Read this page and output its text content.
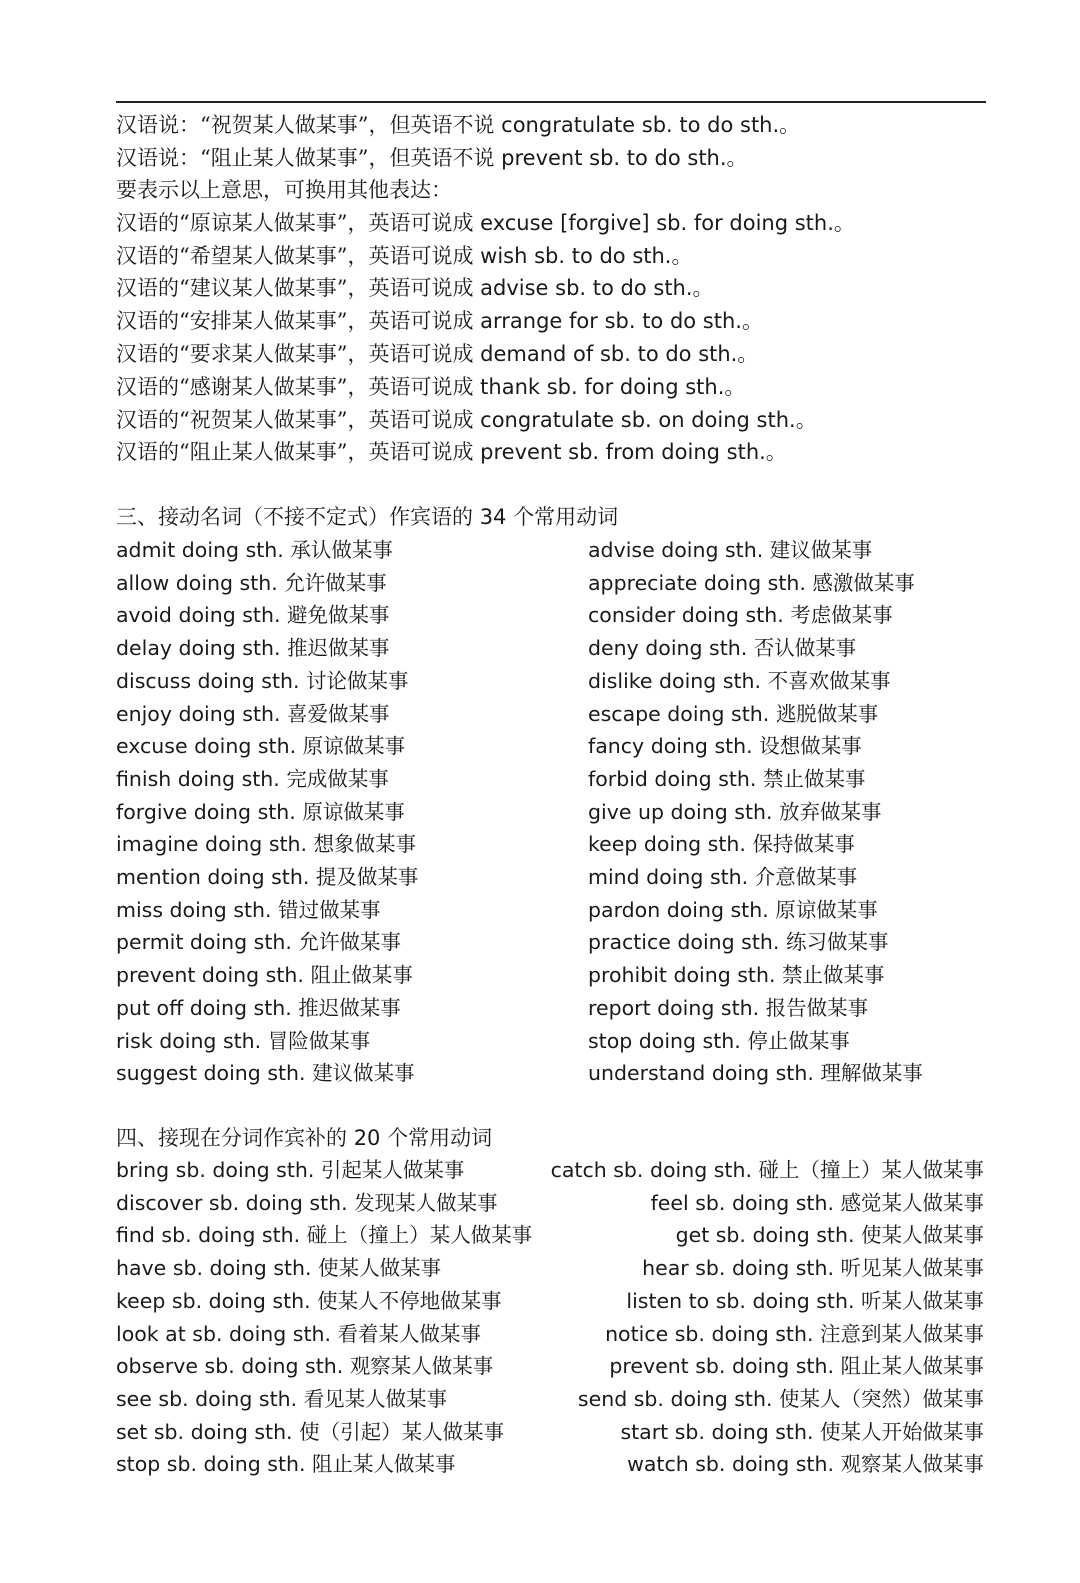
汉语说：“祝贺某人做某事”，但英语不说 congratulate sb. to do sth.。
汉语说：“阻止某人做某事”，但英语不说 prevent sb. to do sth.。
要表示以上意思，可换用其他表达：
汉语的“原谅某人做某事”，英语可说成 excuse [forgive] sb. for doing sth.。
汉语的“希望某人做某事”，英语可说成 wish sb. to do sth.。
汉语的“建议某人做某事”，英语可说成 advise sb. to do sth.。
汉语的“安排某人做某事”，英语可说成 arrange for sb. to do sth.。
汉语的“要求某人做某事”，英语可说成 demand of sb. to do sth.。
汉语的“感谢某人做某事”，英语可说成 thank sb. for doing sth.。
汉语的“祝贺某人做某事”，英语可说成 congratulate sb. on doing sth.。
汉语的“阻止某人做某事”，英语可说成 prevent sb. from doing sth.。
三、接动名词（不接不定式）作宾语的 34 个常用动词
admit doing sth. 承认做某事	advise doing sth. 建议做某事
allow doing sth. 允许做某事	appreciate doing sth. 感激做某事
avoid doing sth. 避免做某事	consider doing sth. 考虑做某事
delay doing sth. 推迟做某事	deny doing sth. 否认做某事
discuss doing sth. 讨论做某事	dislike doing sth. 不喜欢做某事
enjoy doing sth. 喜爱做某事	escape doing sth. 逃脱做某事
excuse doing sth. 原谅做某事	fancy doing sth. 设想做某事
finish doing sth. 完成做某事	forbid doing sth. 禁止做某事
forgive doing sth. 原谅做某事	give up doing sth. 放弃做某事
imagine doing sth. 想象做某事	keep doing sth. 保持做某事
mention doing sth. 提及做某事	mind doing sth. 介意做某事
miss doing sth. 错过做某事	pardon doing sth. 原谅做某事
permit doing sth. 允许做某事	practice doing sth. 练习做某事
prevent doing sth. 阻止做某事	prohibit doing sth. 禁止做某事
put off doing sth. 推迟做某事	report doing sth. 报告做某事
risk doing sth. 冒险做某事	stop doing sth. 停止做某事
suggest doing sth. 建议做某事	understand doing sth. 理解做某事
四、接现在分词作宾补的 20 个常用动词
bring sb. doing sth. 引起某人做某事	catch sb. doing sth. 碰上（撞上）某人做某事
discover sb. doing sth. 发现某人做某事	feel sb. doing sth. 感觉某人做某事
find sb. doing sth. 碰上（撞上）某人做某事	get sb. doing sth. 使某人做某事
have sb. doing sth. 使某人做某事	hear sb. doing sth. 听见某人做某事
keep sb. doing sth. 使某人不停地做某事	listen to sb. doing sth. 听某人做某事
look at sb. doing sth. 看着某人做某事	notice sb. doing sth. 注意到某人做某事
observe sb. doing sth. 观察某人做某事	prevent sb. doing sth. 阻止某人做某事
see sb. doing sth. 看见某人做某事	send sb. doing sth. 使某人（突然）做某事
set sb. doing sth. 使（引起）某人做某事	start sb. doing sth. 使某人开始做某事
stop sb. doing sth. 阻止某人做某事	watch sb. doing sth. 观察某人做某事
